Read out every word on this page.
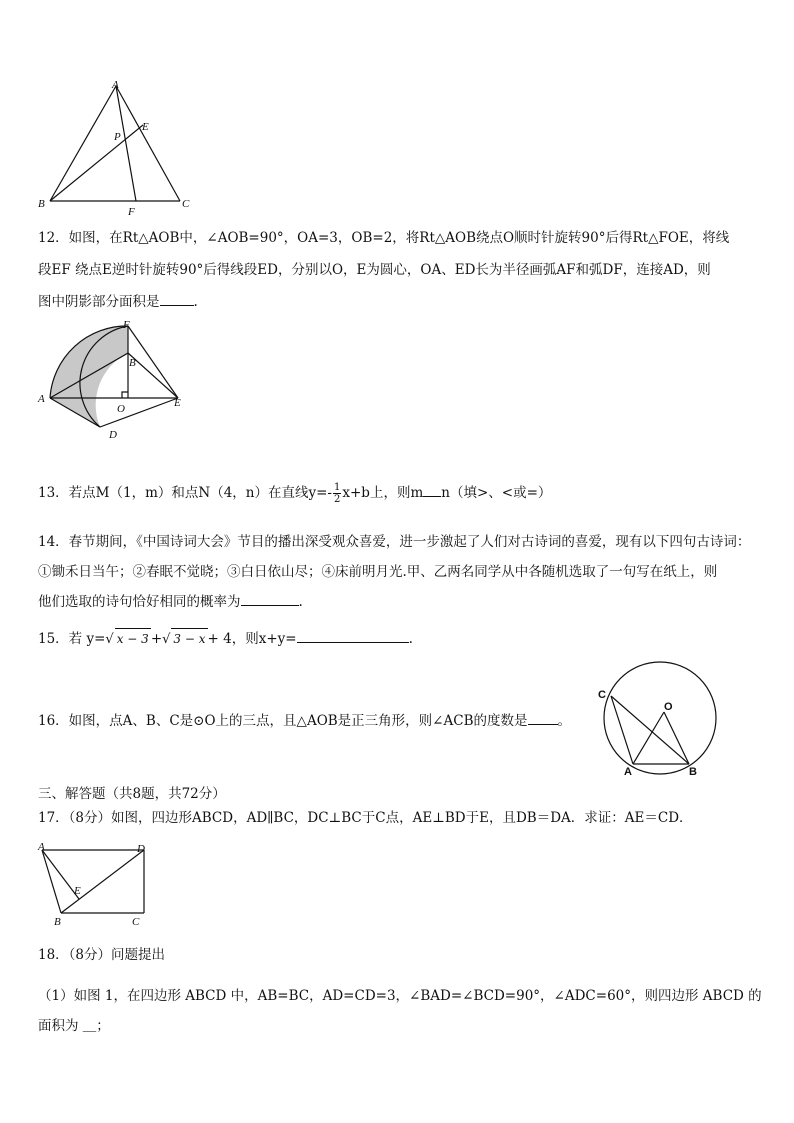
A
E
P
B
F
C
12．如图，在Rt△AOB中，∠AOB=90°，OA=3，OB=2，将Rt△AOB绕点O顺时针旋转90°后得Rt△FOE，将线
段EF 绕点E逆时针旋转90°后得线段ED，分别以O，E为圆心，OA、ED长为半径画弧AF和弧DF，连接AD，则
图中阴影部分面积是	.
F
B
A
O	E
D
13．若点M（1，m）和点N（4，n）在直线$y=- \frac{1}{2} x+b$上，则m n（填>、<或=）
14．春节期间，《中国诗词大会》节目的播出深受观众喜爱，进一步激起了人们对古诗词的喜爱，现有以下四句古诗词：
①锄禾日当午；②春眠不觉晓；③白日依山尽；④床前明月光.甲、乙两名同学从中各随机选取了一句写在纸上，则
他们选取的诗句恰好相同的概率为	.
15．若 y=√ x − 3 +√ 3 − x + 4，则x+y=	.
16．如图，点A、B、C是⊙O上的三点，且△AOB是正三角形，则∠ACB的度数是 。
C
O
A	B
三、解答题（共8题，共72分）
17．（8分）如图，四边形ABCD，AD∥BC，DC⊥BC于C点，AE⊥BD于E，且DB＝DA．求证：AE＝CD．
A	D
E
B	C
18．（8分）问题提出
（1）如图 1，在四边形 ABCD 中，AB=BC，AD=CD=3，∠BAD=∠BCD=90°，∠ADC=60°，则四边形 ABCD 的
面积为 ＿；
